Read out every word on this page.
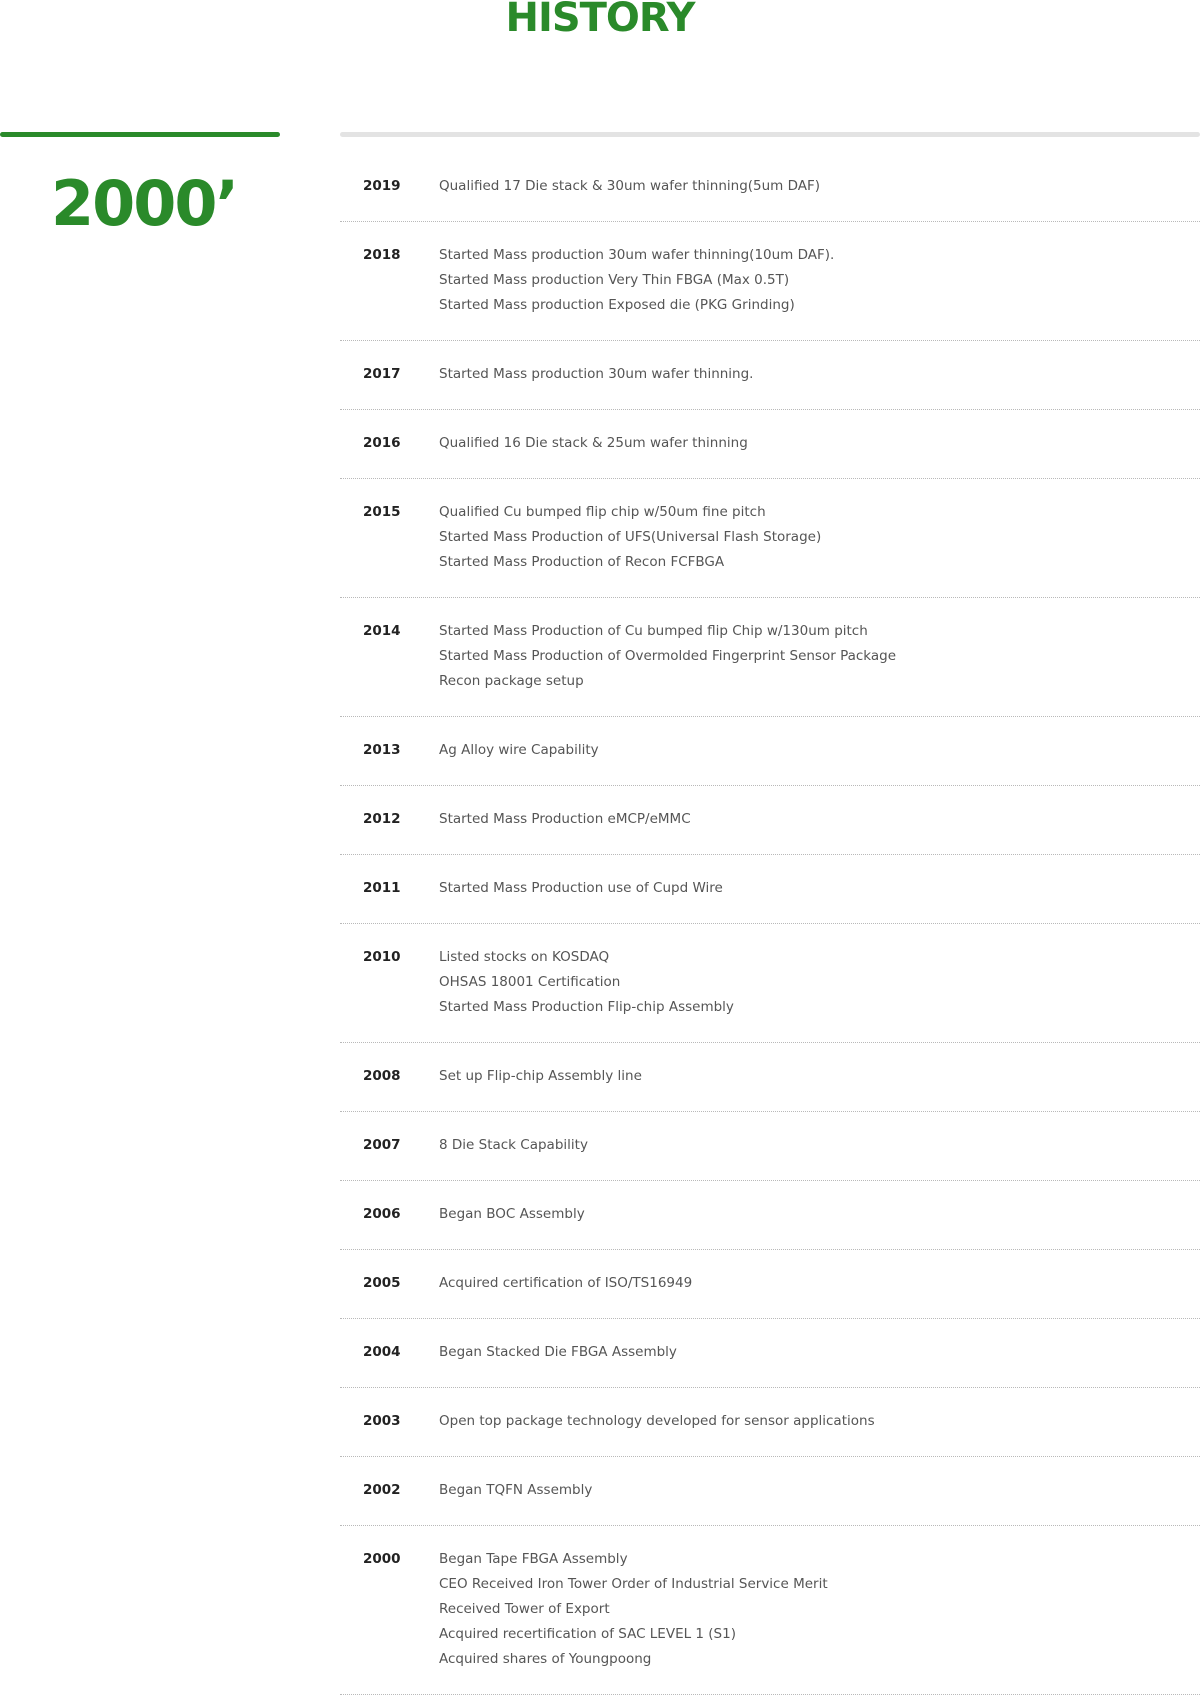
HISTORY
2000’	2019	Qualified 17 Die stack & 30um wafer thinning(5um DAF)
2018	Started Mass production 30um wafer thinning(10um DAF).
Started Mass production Very Thin FBGA (Max 0.5T)
Started Mass production Exposed die (PKG Grinding)
2017	Started Mass production 30um wafer thinning.
2016	Qualified 16 Die stack & 25um wafer thinning
2015	Qualified Cu bumped flip chip w/50um fine pitch
Started Mass Production of UFS(Universal Flash Storage)
Started Mass Production of Recon FCFBGA
2014	Started Mass Production of Cu bumped flip Chip w/130um pitch
Started Mass Production of Overmolded Fingerprint Sensor Package
Recon package setup
2013	Ag Alloy wire Capability
2012	Started Mass Production eMCP/eMMC
2011	Started Mass Production use of Cupd Wire
2010	Listed stocks on KOSDAQ
OHSAS 18001 Certification
Started Mass Production Flip-chip Assembly
2008	Set up Flip-chip Assembly line
2007	8 Die Stack Capability
2006	Began BOC Assembly
2005	Acquired certification of ISO/TS16949
2004	Began Stacked Die FBGA Assembly
2003	Open top package technology developed for sensor applications
2002	Began TQFN Assembly
2000	Began Tape FBGA Assembly
CEO Received Iron Tower Order of Industrial Service Merit
Received Tower of Export
Acquired recertification of SAC LEVEL 1 (S1)
Acquired shares of Youngpoong
